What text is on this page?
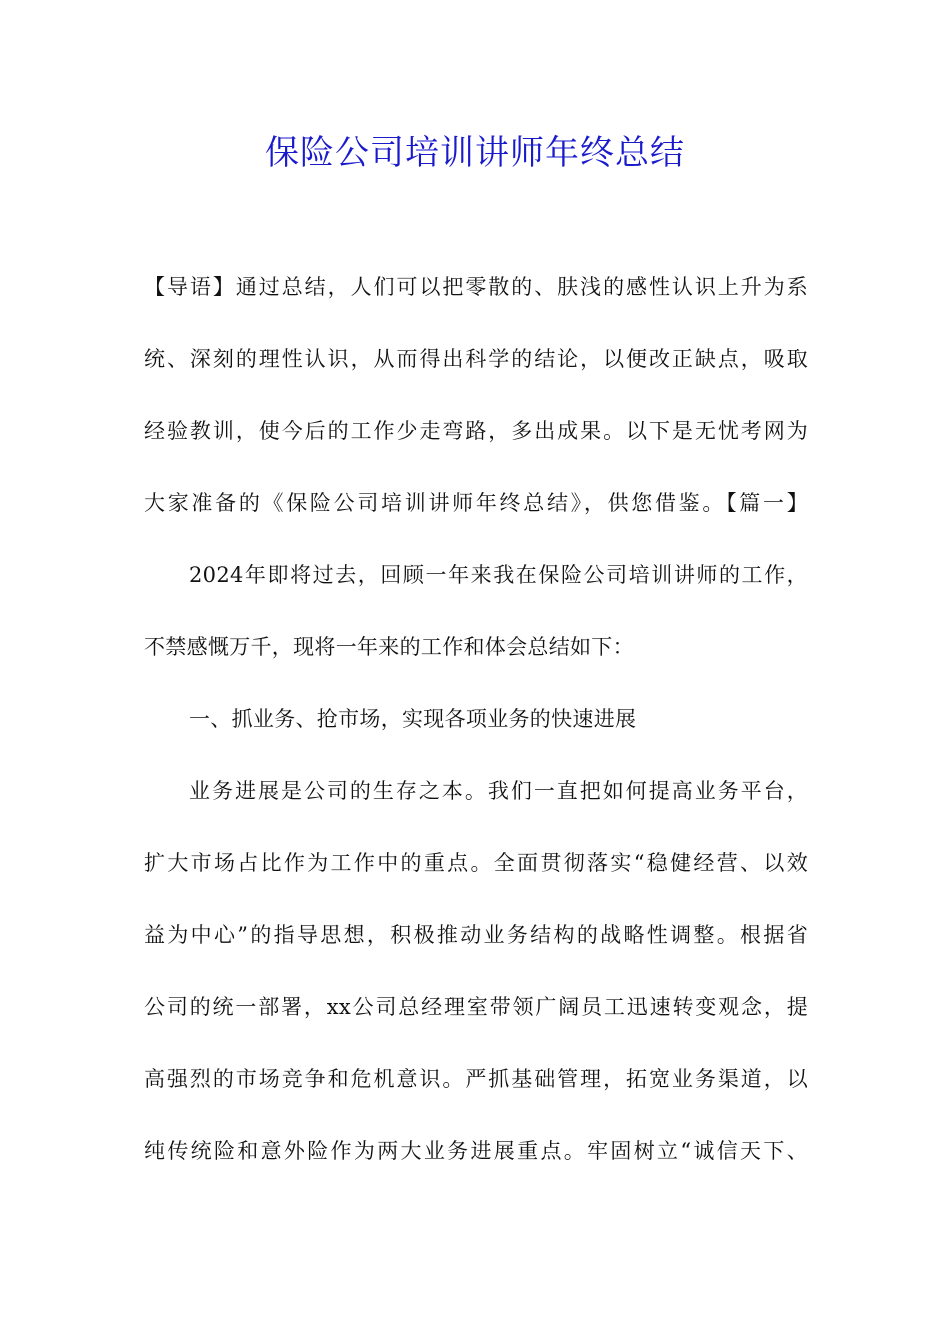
保险公司培训讲师年终总结
【导语】通过总结，人们可以把零散的、肤浅的感性认识上升为系
统、深刻的理性认识，从而得出科学的结论，以便改正缺点，吸取
经验教训，使今后的工作少走弯路，多出成果。以下是无忧考网为
大家准备的《保险公司培训讲师年终总结》，供您借鉴。【篇一】
2024年即将过去，回顾一年来我在保险公司培训讲师的工作，
不禁感慨万千，现将一年来的工作和体会总结如下：
一、抓业务、抢市场，实现各项业务的快速进展
业务进展是公司的生存之本。我们一直把如何提高业务平台，
扩大市场占比作为工作中的重点。全面贯彻落实“稳健经营、以效
益为中心”的指导思想，积极推动业务结构的战略性调整。根据省
公司的统一部署，xx公司总经理室带领广阔员工迅速转变观念，提
高强烈的市场竞争和危机意识。严抓基础管理，拓宽业务渠道，以
纯传统险和意外险作为两大业务进展重点。牢固树立“诚信天下、
